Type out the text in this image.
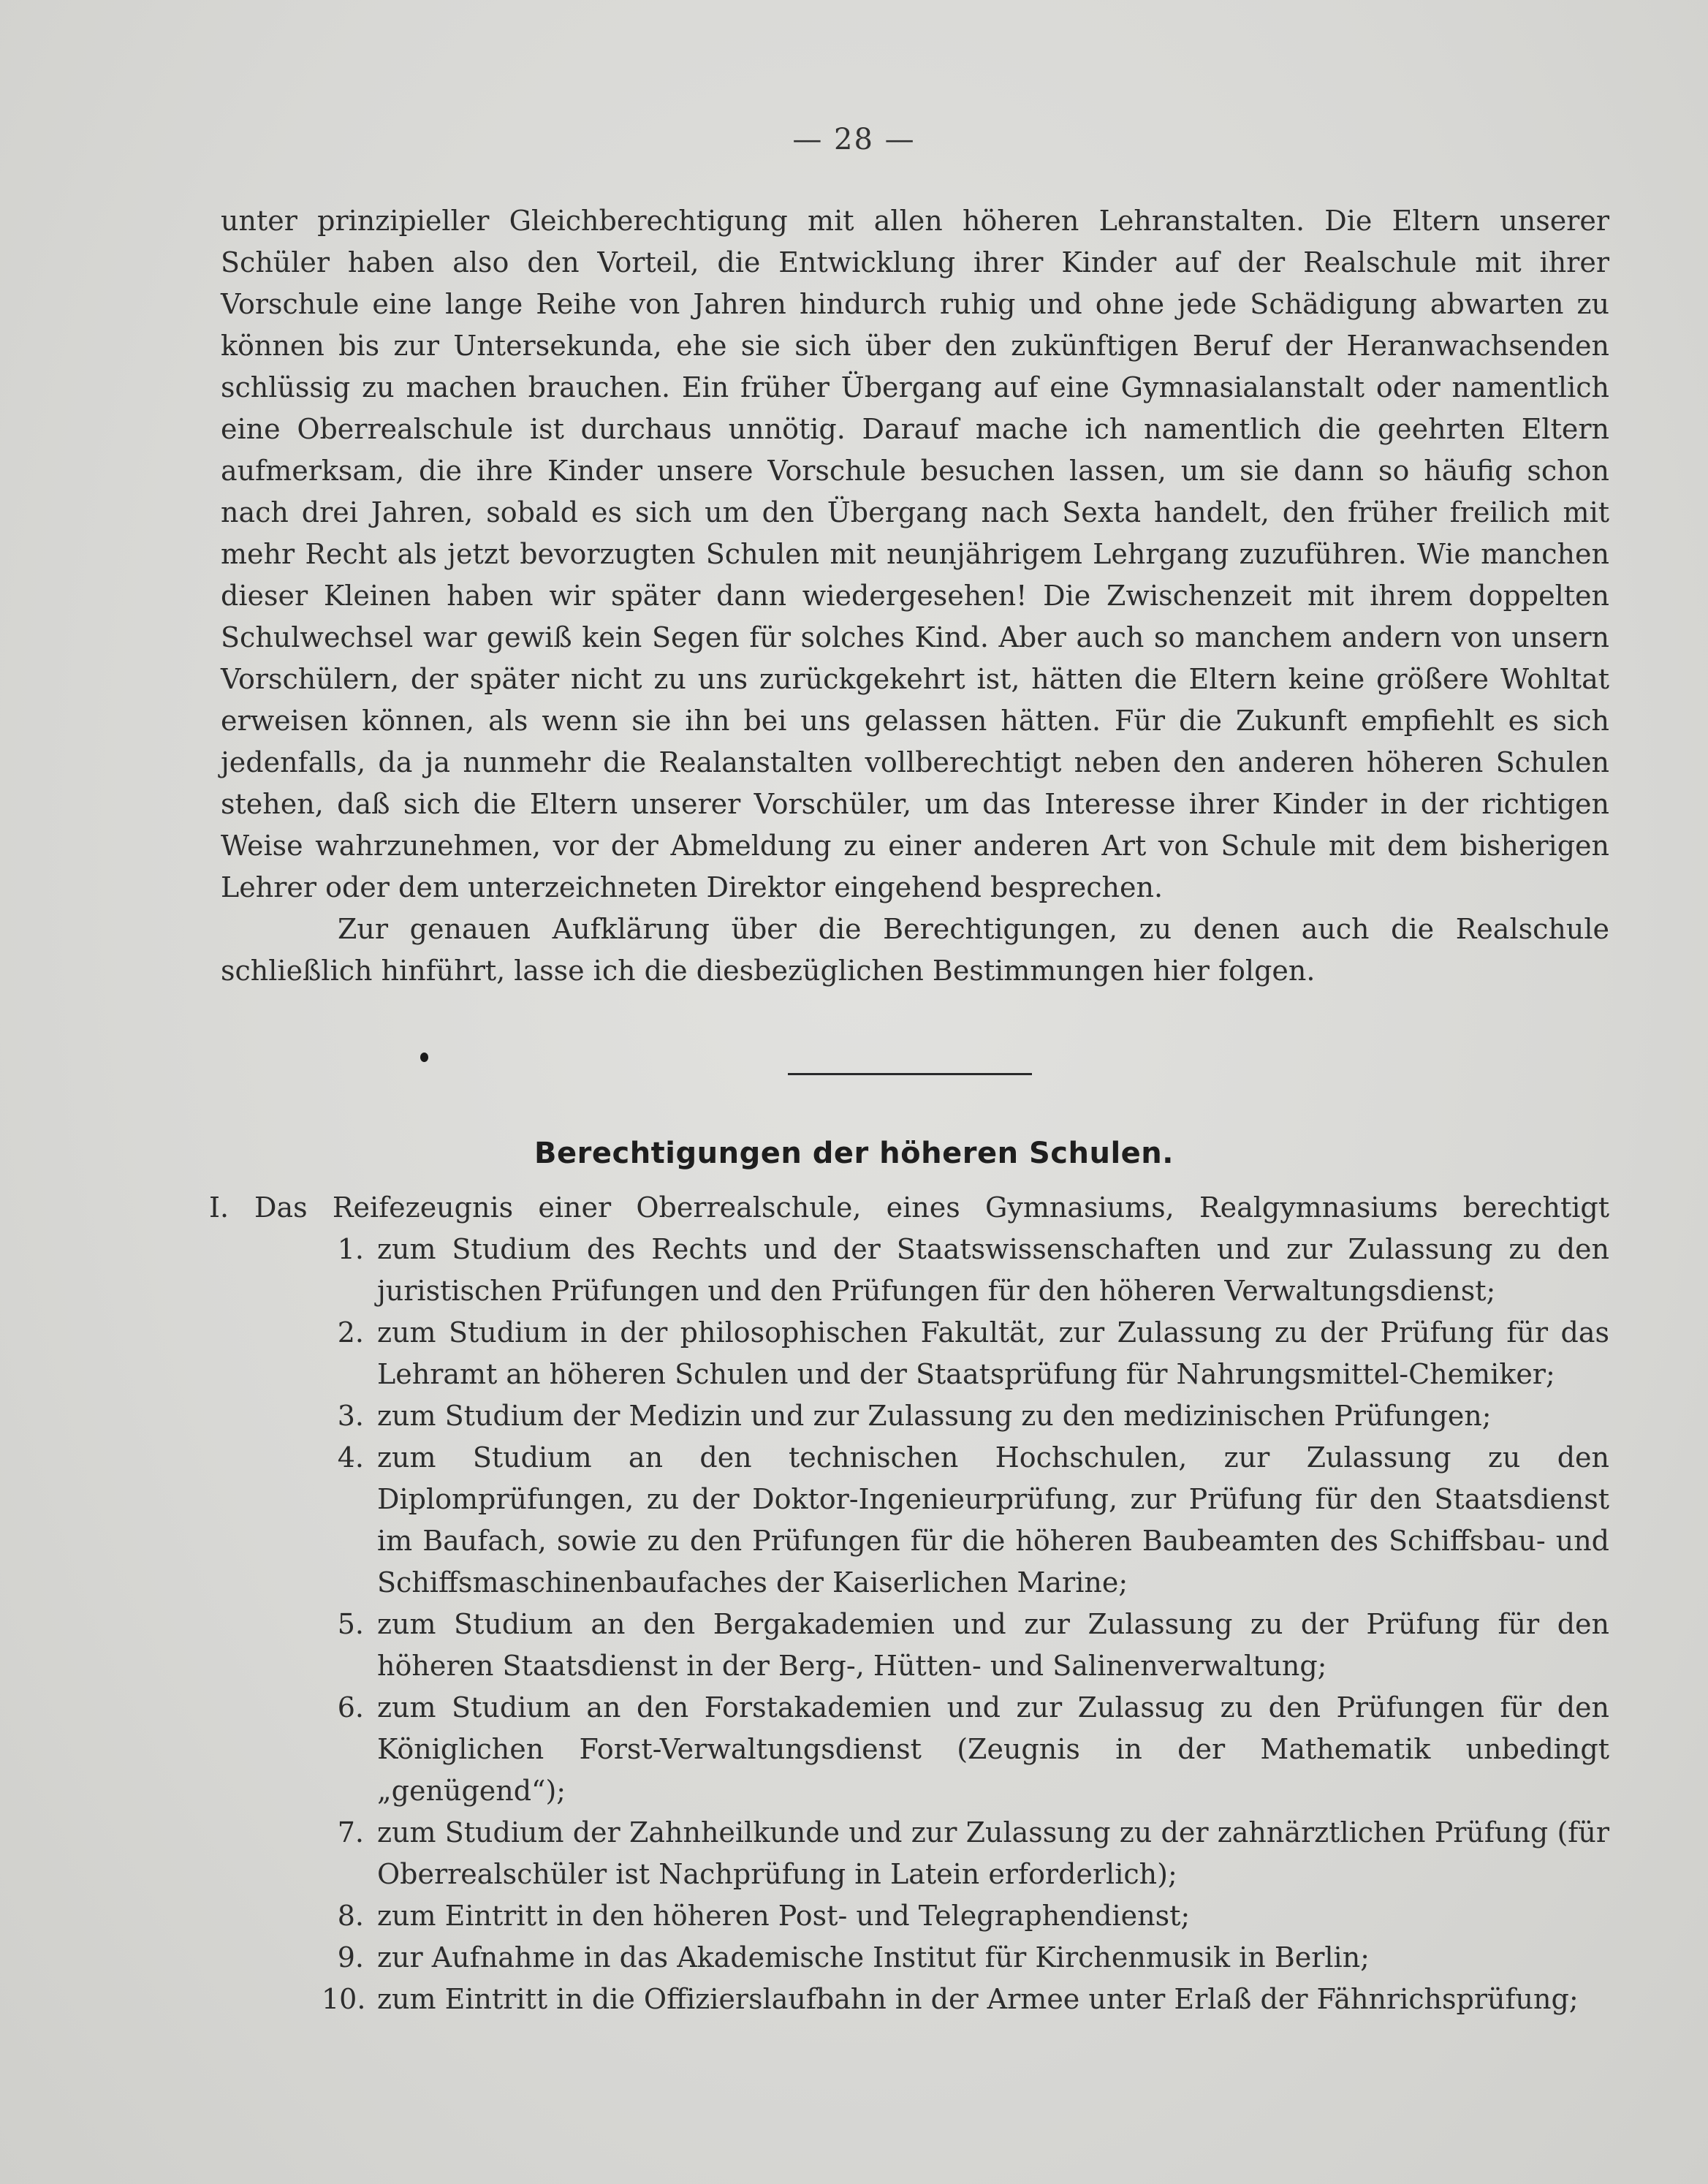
— 28 —

unter prinzipieller Gleichberechtigung mit allen höheren Lehranstalten. Die Eltern unserer Schüler haben also den Vorteil, die Entwicklung ihrer Kinder auf der Realschule mit ihrer Vorschule eine lange Reihe von Jahren hindurch ruhig und ohne jede Schädigung abwarten zu können bis zur Untersekunda, ehe sie sich über den zukünftigen Beruf der Heranwachsenden schlüssig zu machen brauchen. Ein früher Übergang auf eine Gymnasialanstalt oder namentlich eine Oberrealschule ist durchaus unnötig. Darauf mache ich namentlich die geehrten Eltern aufmerksam, die ihre Kinder unsere Vorschule besuchen lassen, um sie dann so häufig schon nach drei Jahren, sobald es sich um den Übergang nach Sexta handelt, den früher freilich mit mehr Recht als jetzt bevorzugten Schulen mit neunjährigem Lehrgang zuzuführen. Wie manchen dieser Kleinen haben wir später dann wiedergesehen! Die Zwischenzeit mit ihrem doppelten Schulwechsel war gewiß kein Segen für solches Kind. Aber auch so manchem andern von unsern Vorschülern, der später nicht zu uns zurückgekehrt ist, hätten die Eltern keine größere Wohltat erweisen können, als wenn sie ihn bei uns gelassen hätten. Für die Zukunft empfiehlt es sich jedenfalls, da ja nunmehr die Realanstalten vollberechtigt neben den anderen höheren Schulen stehen, daß sich die Eltern unserer Vorschüler, um das Interesse ihrer Kinder in der richtigen Weise wahrzunehmen, vor der Abmeldung zu einer anderen Art von Schule mit dem bisherigen Lehrer oder dem unterzeichneten Direktor eingehend besprechen.

Zur genauen Aufklärung über die Berechtigungen, zu denen auch die Realschule schließlich hinführt, lasse ich die diesbezüglichen Bestimmungen hier folgen.

Berechtigungen der höheren Schulen.
I. Das Reifezeugnis einer Oberrealschule, eines Gymnasiums, Realgymnasiums berechtigt
1. zum Studium des Rechts und der Staatswissenschaften und zur Zulassung zu den juristischen Prüfungen und den Prüfungen für den höheren Verwaltungsdienst;
2. zum Studium in der philosophischen Fakultät, zur Zulassung zu der Prüfung für das Lehramt an höheren Schulen und der Staatsprüfung für Nahrungsmittel-Chemiker;
3. zum Studium der Medizin und zur Zulassung zu den medizinischen Prüfungen;
4. zum Studium an den technischen Hochschulen, zur Zulassung zu den Diplomprüfungen, zu der Doktor-Ingenieurprüfung, zur Prüfung für den Staatsdienst im Baufach, sowie zu den Prüfungen für die höheren Baubeamten des Schiffsbau- und Schiffsmaschinenbaufaches der Kaiserlichen Marine;
5. zum Studium an den Bergakademien und zur Zulassung zu der Prüfung für den höheren Staatsdienst in der Berg-, Hütten- und Salinenverwaltung;
6. zum Studium an den Forstakademien und zur Zulassug zu den Prüfungen für den Königlichen Forst-Verwaltungsdienst (Zeugnis in der Mathematik unbedingt „genügend“);
7. zum Studium der Zahnheilkunde und zur Zulassung zu der zahnärztlichen Prüfung (für Oberrealschüler ist Nachprüfung in Latein erforderlich);
8. zum Eintritt in den höheren Post- und Telegraphendienst;
9. zur Aufnahme in das Akademische Institut für Kirchenmusik in Berlin;
10. zum Eintritt in die Offizierslaufbahn in der Armee unter Erlaß der Fähnrichsprüfung;
